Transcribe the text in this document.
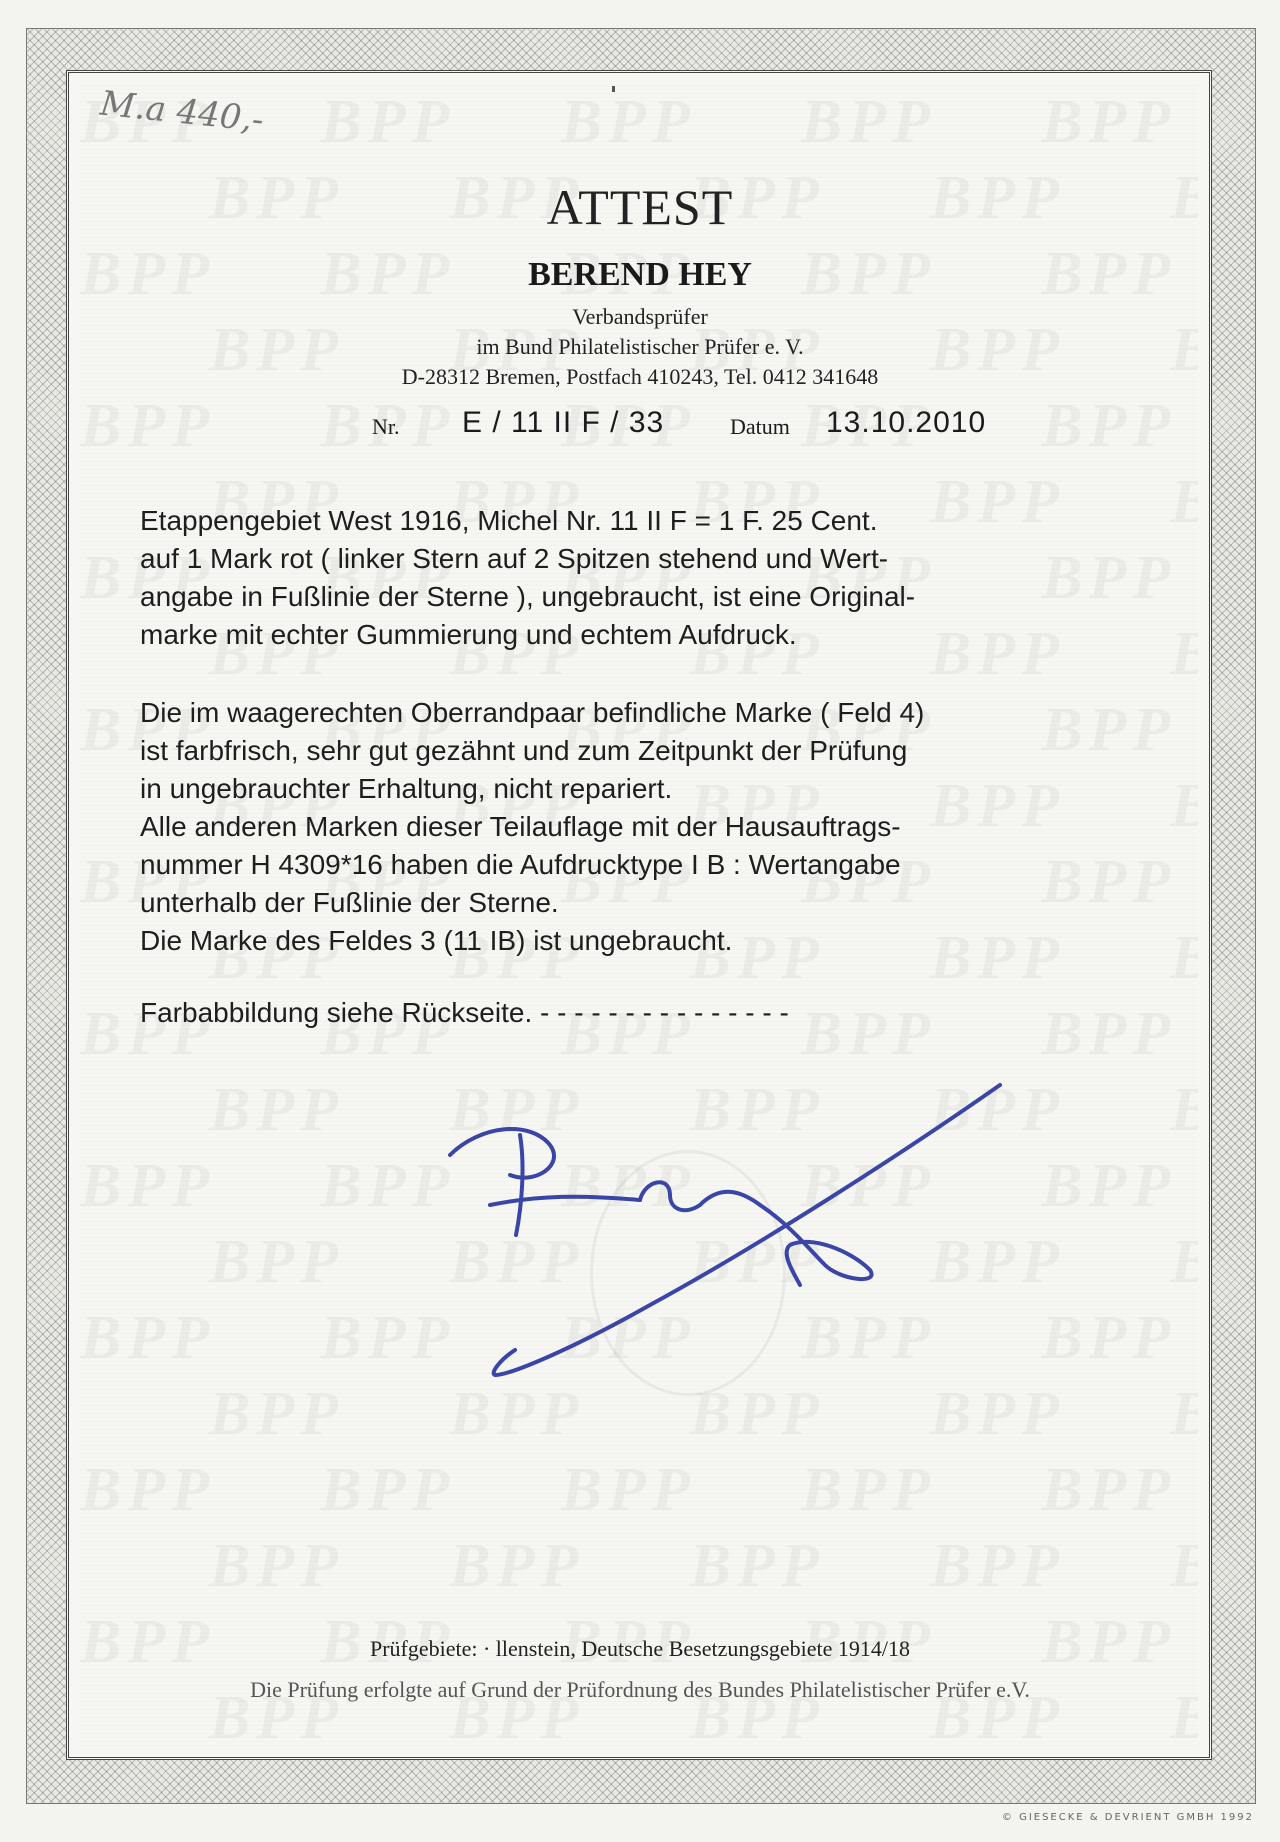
M.a 440,-
ATTEST
BEREND HEY
Verbandsprüfer
im Bund Philatelistischer Prüfer e. V.
D-28312 Bremen, Postfach 410243, Tel. 0412 341648
Nr. E / 11 II F / 33	Datum 13.10.2010
Etappengebiet West 1916, Michel Nr. 11 II F = 1 F. 25 Cent.
auf 1 Mark rot ( linker Stern auf 2 Spitzen stehend und Wert-
angabe in Fußlinie der Sterne ), ungebraucht, ist eine Original-
marke mit echter Gummierung und echtem Aufdruck.
Die im waagerechten Oberrandpaar befindliche Marke ( Feld 4)
ist farbfrisch, sehr gut gezähnt und zum Zeitpunkt der Prüfung
in ungebrauchter Erhaltung, nicht repariert.
Alle anderen Marken dieser Teilauflage mit der Hausauftrags-
nummer H 4309*16 haben die Aufdrucktype I B : Wertangabe
unterhalb der Fußlinie der Sterne.
Die Marke des Feldes 3 (11 IB) ist ungebraucht.
Farbabbildung siehe Rückseite. - - - - - - - - - - - - - - -
Prüfgebiete: · llenstein, Deutsche Besetzungsgebiete 1914/18
Die Prüfung erfolgte auf Grund der Prüfordnung des Bundes Philatelistischer Prüfer e.V.
© GIESECKE & DEVRIENT GMBH 1992
